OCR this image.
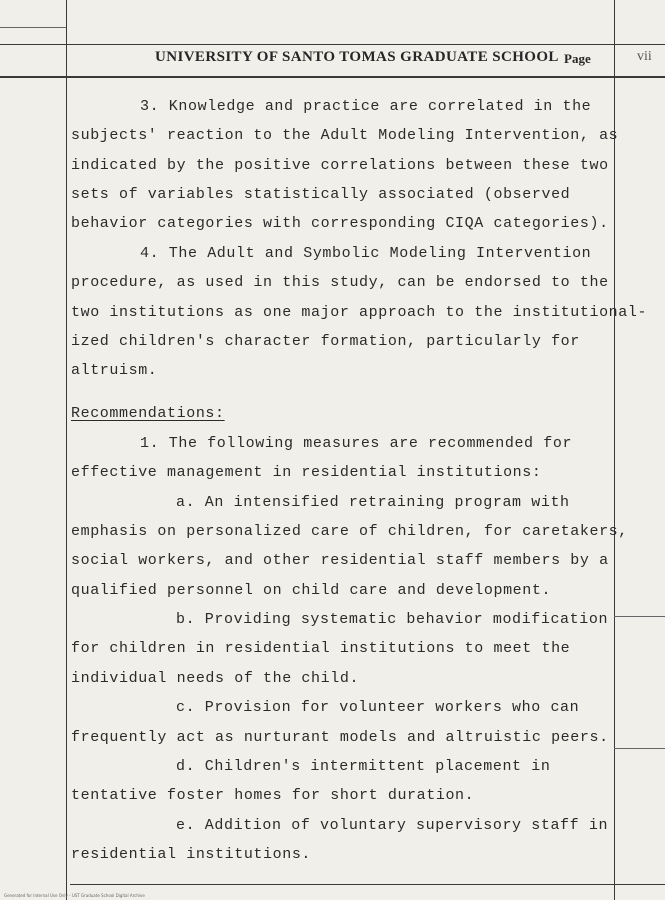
UNIVERSITY OF SANTO TOMAS GRADUATE SCHOOL Page	vii
3. Knowledge and practice are correlated in the
subjects' reaction to the Adult Modeling Intervention, as
indicated by the positive correlations between these two
sets of variables statistically associated (observed
behavior categories with corresponding CIQA categories).
4. The Adult and Symbolic Modeling Intervention
procedure, as used in this study, can be endorsed to the
two institutions as one major approach to the institutional-
ized children's character formation, particularly for
altruism.
Recommendations:
1. The following measures are recommended for
effective management in residential institutions:
a. An intensified retraining program with
emphasis on personalized care of children, for caretakers,
social workers, and other residential staff members by a
qualified personnel on child care and development.
b. Providing systematic behavior modification
for children in residential institutions to meet the
individual needs of the child.
c. Provision for volunteer workers who can
frequently act as nurturant models and altruistic peers.
d. Children's intermittent placement in
tentative foster homes for short duration.
e. Addition of voluntary supervisory staff in
residential institutions.
Generated for Internal Use Only - UST Graduate School Digital Archive
